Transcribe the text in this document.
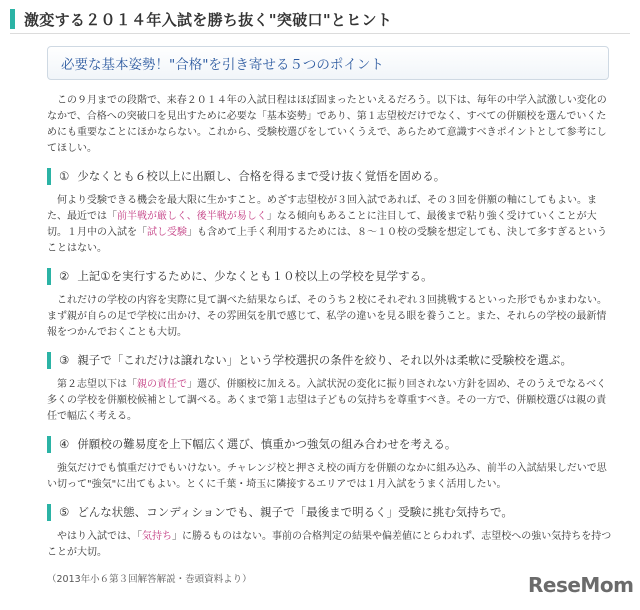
激変する２０１４年入試を勝ち抜く"突破口"とヒント
必要な基本姿勢！"合格"を引き寄せる５つのポイント

この９月までの段階で、来春２０１４年の入試日程はほぼ固まったといえるだろう。以下は、毎年の中学入試激しい変化のなかで、合格への突破口を見出すために必要な「基本姿勢」であり、第１志望校だけでなく、すべての併願校を選んでいくためにも重要なことにほかならない。これから、受験校選びをしていくうえで、あらためて意識すべきポイントとして参考にしてほしい。

① 少なくとも６校以上に出願し、合格を得るまで受け抜く覚悟を固める。

何より受験できる機会を最大限に生かすこと。めざす志望校が３回入試であれば、その３回を併願の軸にしてもよい。また、最近では「前半戦が厳しく、後半戦が易しく」なる傾向もあることに注目して、最後まで粘り強く受けていくことが大切。１月中の入試を「試し受験」も含めて上手く利用するためには、８～１０校の受験を想定しても、決して多すぎるということはない。

② 上記①を実行するために、少なくとも１０校以上の学校を見学する。

これだけの学校の内容を実際に見て調べた結果ならば、そのうち２校にそれぞれ３回挑戦するといった形でもかまわない。まず親が自らの足で学校に出かけ、その雰囲気を肌で感じて、私学の違いを見る眼を養うこと。また、それらの学校の最新情報をつかんでおくことも大切。

③ 親子で「これだけは譲れない」という学校選択の条件を絞り、それ以外は柔軟に受験校を選ぶ。

第２志望以下は「親の責任で」選び、併願校に加える。入試状況の変化に振り回されない方針を固め、そのうえでなるべく多くの学校を併願校候補として調べる。あくまで第１志望は子どもの気持ちを尊重すべき。その一方で、併願校選びは親の責任で幅広く考える。

④ 併願校の難易度を上下幅広く選び、慎重かつ強気の組み合わせを考える。

強気だけでも慎重だけでもいけない。チャレンジ校と押さえ校の両方を併願のなかに組み込み、前半の入試結果しだいで思い切って"強気"に出てもよい。とくに千葉・埼玉に隣接するエリアでは１月入試をうまく活用したい。

⑤ どんな状態、コンディションでも、親子で「最後まで明るく」受験に挑む気持ちで。

やはり入試では、「気持ち」に勝るものはない。事前の合格判定の結果や偏差値にとらわれず、志望校への強い気持ちを持つことが大切。

（2013年小６第３回解答解説・巻頭資料より）	ReseMom
